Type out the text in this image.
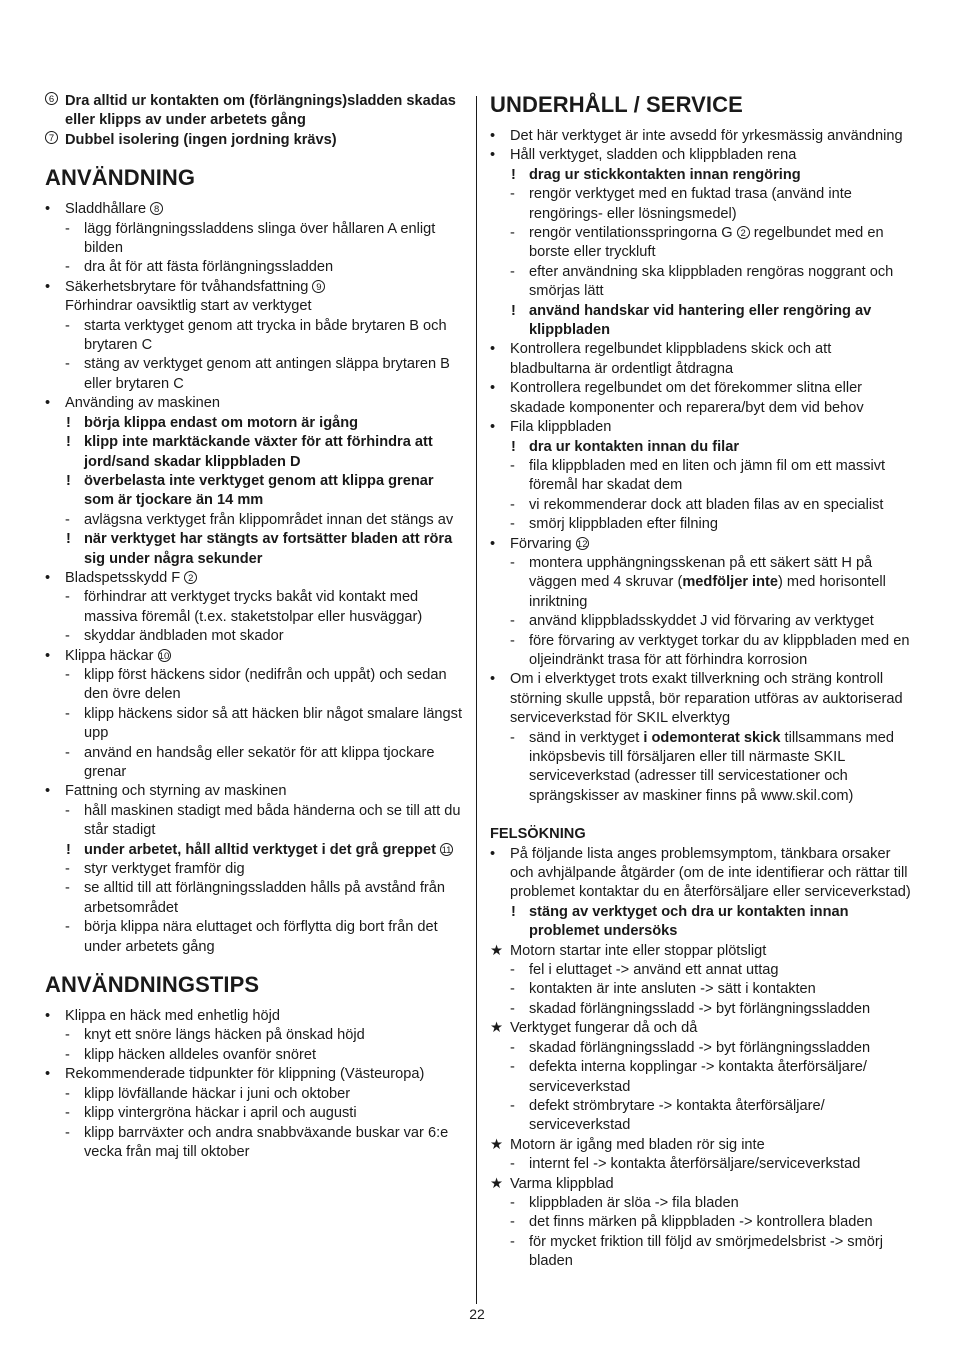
6 Dra alltid ur kontakten om (förlängnings)sladden skadas eller klipps av under arbetets gång
7 Dubbel isolering (ingen jordning krävs)
ANVÄNDNING
• Sladdhållare 8
- lägg förlängningssladdens slinga över hållaren A enligt bilden
- dra åt för att fästa förlängningssladden
• Säkerhetsbrytare för tvåhandsfattning 9
Förhindrar oavsiktlig start av verktyget
- starta verktyget genom att trycka in både brytaren B och brytaren C
- stäng av verktyget genom att antingen släppa brytaren B eller brytaren C
• Använding av maskinen
! börja klippa endast om motorn är igång
! klipp inte marktäckande växter för att förhindra att jord/sand skadar klippbladen D
! överbelasta inte verktyget genom att klippa grenar som är tjockare än 14 mm
- avlägsna verktyget från klippområdet innan det stängs av
! när verktyget har stängts av fortsätter bladen att röra sig under några sekunder
• Bladspetsskydd F 2
- förhindrar att verktyget trycks bakåt vid kontakt med massiva föremål (t.ex. staketstolpar eller husväggar)
- skyddar ändbladen mot skador
• Klippa häckar 10
- klipp först häckens sidor (nedifrån och uppåt) och sedan den övre delen
- klipp häckens sidor så att häcken blir något smalare längst upp
- använd en handsåg eller sekatör för att klippa tjockare grenar
• Fattning och styrning av maskinen
- håll maskinen stadigt med båda händerna och se till att du står stadigt
! under arbetet, håll alltid verktyget i det grå greppet 11
- styr verktyget framför dig
- se alltid till att förlängningssladden hålls på avstånd från arbetsområdet
- börja klippa nära eluttaget och förflytta dig bort från det under arbetets gång
ANVÄNDNINGSTIPS
• Klippa en häck med enhetlig höjd
- knyt ett snöre längs häcken på önskad höjd
- klipp häcken alldeles ovanför snöret
• Rekommenderade tidpunkter för klippning (Västeuropa)
- klipp lövfällande häckar i juni och oktober
- klipp vintergröna häckar i april och augusti
- klipp barrväxter och andra snabbväxande buskar var 6:e vecka från maj till oktober
UNDERHÅLL / SERVICE
• Det här verktyget är inte avsedd för yrkesmässig användning
• Håll verktyget, sladden och klippbladen rena
! drag ur stickkontakten innan rengöring
- rengör verktyget med en fuktad trasa (använd inte rengörings- eller lösningsmedel)
- rengör ventilationsspringorna G 2 regelbundet med en borste eller tryckluft
- efter användning ska klippbladen rengöras noggrant och smörjas lätt
! använd handskar vid hantering eller rengöring av klippbladen
• Kontrollera regelbundet klippbladens skick och att bladbultarna är ordentligt åtdragna
• Kontrollera regelbundet om det förekommer slitna eller skadade komponenter och reparera/byt dem vid behov
• Fila klippbladen
! dra ur kontakten innan du filar
- fila klippbladen med en liten och jämn fil om ett massivt föremål har skadat dem
- vi rekommenderar dock att bladen filas av en specialist
- smörj klippbladen efter filning
• Förvaring 12
- montera upphängningsskenan på ett säkert sätt H på väggen med 4 skruvar (medföljer inte) med horisontell inriktning
- använd klippbladsskyddet J vid förvaring av verktyget
- före förvaring av verktyget torkar du av klippbladen med en oljeindränkt trasa för att förhindra korrosion
• Om i elverktyget trots exakt tillverkning och sträng kontroll störning skulle uppstå, bör reparation utföras av auktoriserad serviceverkstad för SKIL elverktyg
- sänd in verktyget i odemonterat skick tillsammans med inköpsbevis till försäljaren eller till närmaste SKIL serviceverkstad (adresser till servicestationer och sprängskisser av maskiner finns på www.skil.com)
FELSÖKNING
• På följande lista anges problemsymptom, tänkbara orsaker och avhjälpande åtgärder (om de inte identifierar och rättar till problemet kontaktar du en återförsäljare eller serviceverkstad)
! stäng av verktyget och dra ur kontakten innan problemet undersöks
★ Motorn startar inte eller stoppar plötsligt
- fel i eluttaget -> använd ett annat uttag
- kontakten är inte ansluten -> sätt i kontakten
- skadad förlängningssladd -> byt förlängningssladden
★ Verktyget fungerar då och då
- skadad förlängningssladd -> byt förlängningssladden
- defekta interna kopplingar -> kontakta återförsäljare/ serviceverkstad
- defekt strömbrytare -> kontakta återförsäljare/ serviceverkstad
★ Motorn är igång med bladen rör sig inte
- internt fel -> kontakta återförsäljare/serviceverkstad
★ Varma klippblad
- klippbladen är slöa -> fila bladen
- det finns märken på klippbladen -> kontrollera bladen
- för mycket friktion till följd av smörjmedelsbrist -> smörj bladen
22
